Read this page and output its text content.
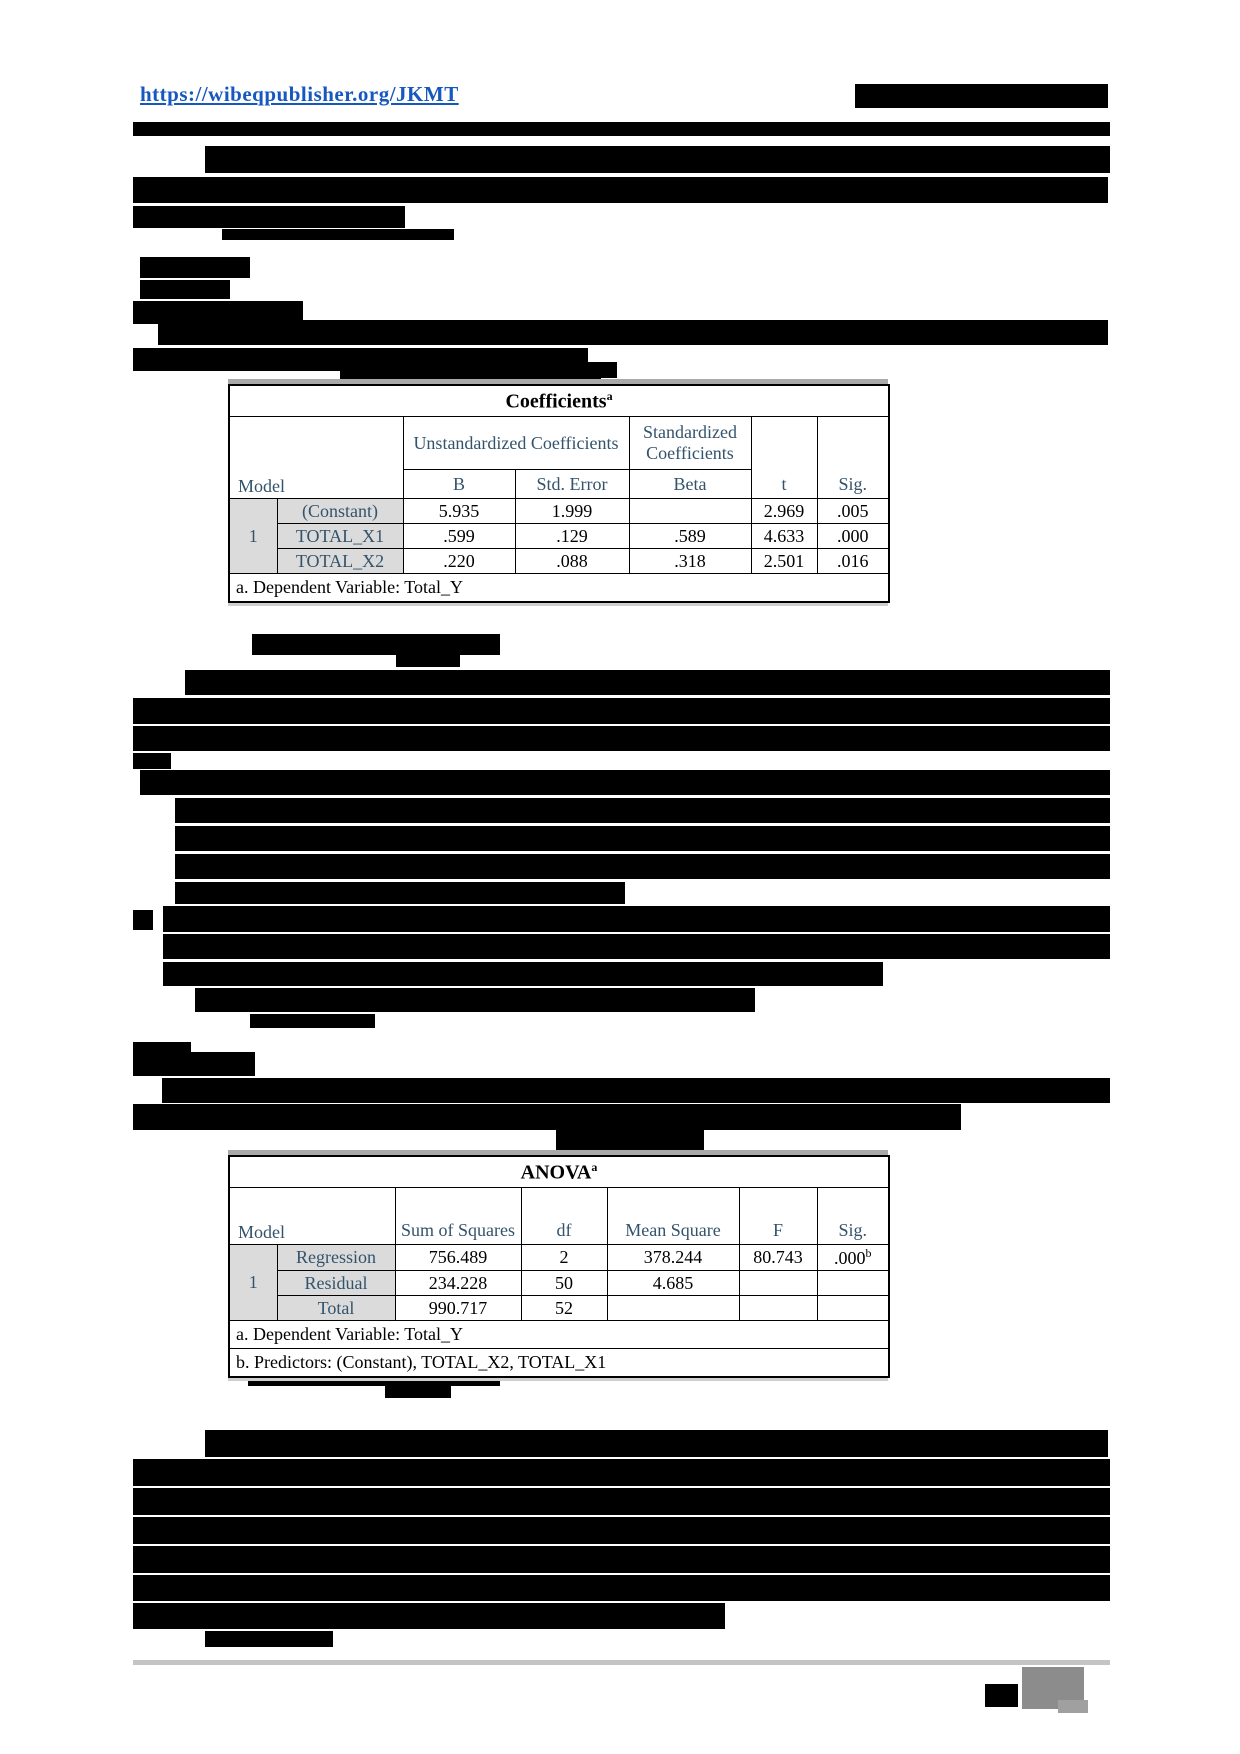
https://wibeqpublisher.org/JKMT
Coefficients$^a$
Model		Unstandardized Coefficients		Standardized Coefficients	t	Sig.
		B	Std. Error	Beta		
1	(Constant)	5.935	1.999		2.969	.005
	TOTAL_X1	.599	.129	.589	4.633	.000
	TOTAL_X2	.220	.088	.318	2.501	.016
a. Dependent Variable: Total_Y						
ANOVA$^a$
Model		Sum of Squares	df	Mean Square	F	Sig.
1	Regression	756.489	2	378.244	80.743	.000$^b$
	Residual	234.228	50	4.685		
	Total	990.717	52			
a. Dependent Variable: Total_Y						
b. Predictors: (Constant), TOTAL_X2, TOTAL_X1						
